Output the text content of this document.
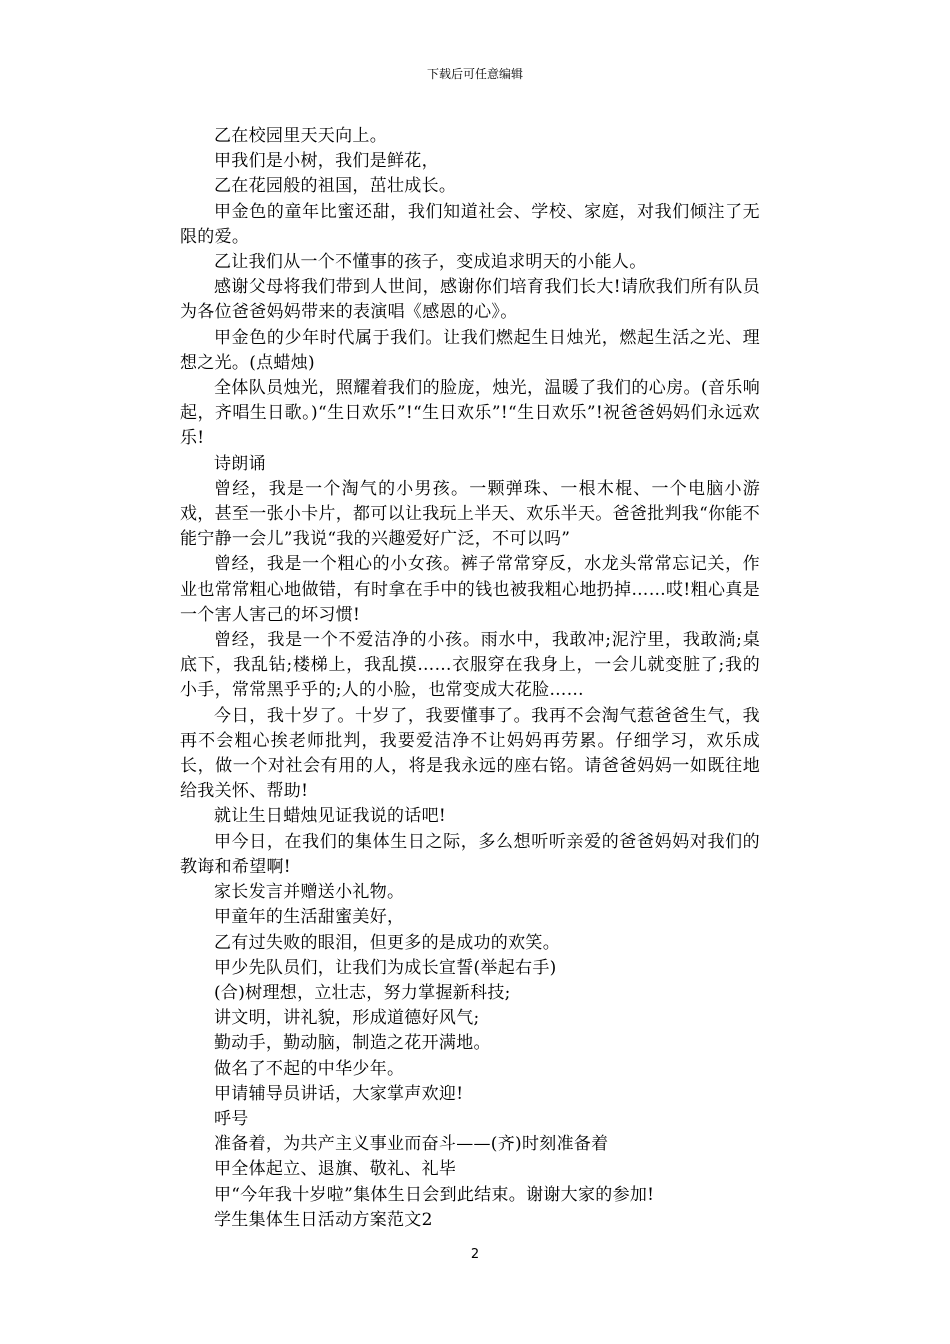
下载后可任意编辑

乙在校园里天天向上。

甲我们是小树，我们是鲜花，

乙在花园般的祖国，茁壮成长。

甲金色的童年比蜜还甜，我们知道社会、学校、家庭，对我们倾注了无限的爱。

乙让我们从一个不懂事的孩子，变成追求明天的小能人。

感谢父母将我们带到人世间，感谢你们培育我们长大!请欣我们所有队员为各位爸爸妈妈带来的表演唱《感恩的心》。

甲金色的少年时代属于我们。让我们燃起生日烛光，燃起生活之光、理想之光。(点蜡烛)

全体队员烛光，照耀着我们的脸庞，烛光，温暖了我们的心房。(音乐响起，齐唱生日歌。)“生日欢乐”!“生日欢乐”!“生日欢乐”!祝爸爸妈妈们永远欢乐!

诗朗诵

曾经，我是一个淘气的小男孩。一颗弹珠、一根木棍、一个电脑小游戏，甚至一张小卡片，都可以让我玩上半天、欢乐半天。爸爸批判我“你能不能宁静一会儿”我说“我的兴趣爱好广泛，不可以吗”

曾经，我是一个粗心的小女孩。裤子常常穿反，水龙头常常忘记关，作业也常常粗心地做错，有时拿在手中的钱也被我粗心地扔掉……哎!粗心真是一个害人害己的坏习惯!

曾经，我是一个不爱洁净的小孩。雨水中，我敢冲;泥泞里，我敢淌;桌底下，我乱钻;楼梯上，我乱摸……衣服穿在我身上，一会儿就变脏了;我的小手，常常黑乎乎的;人的小脸，也常变成大花脸……

今日，我十岁了。十岁了，我要懂事了。我再不会淘气惹爸爸生气，我再不会粗心挨老师批判，我要爱洁净不让妈妈再劳累。仔细学习，欢乐成长，做一个对社会有用的人，将是我永远的座右铭。请爸爸妈妈一如既往地给我关怀、帮助!

就让生日蜡烛见证我说的话吧!

甲今日，在我们的集体生日之际，多么想听听亲爱的爸爸妈妈对我们的教诲和希望啊!

家长发言并赠送小礼物。

甲童年的生活甜蜜美好，

乙有过失败的眼泪，但更多的是成功的欢笑。

甲少先队员们，让我们为成长宣誓(举起右手)

(合)树理想，立壮志，努力掌握新科技;

讲文明，讲礼貌，形成道德好风气;

勤动手，勤动脑，制造之花开满地。

做名了不起的中华少年。

甲请辅导员讲话，大家掌声欢迎!

呼号

准备着，为共产主义事业而奋斗——(齐)时刻准备着

甲全体起立、退旗、敬礼、礼毕

甲“今年我十岁啦”集体生日会到此结束。谢谢大家的参加!

学生集体生日活动方案范文2

2
